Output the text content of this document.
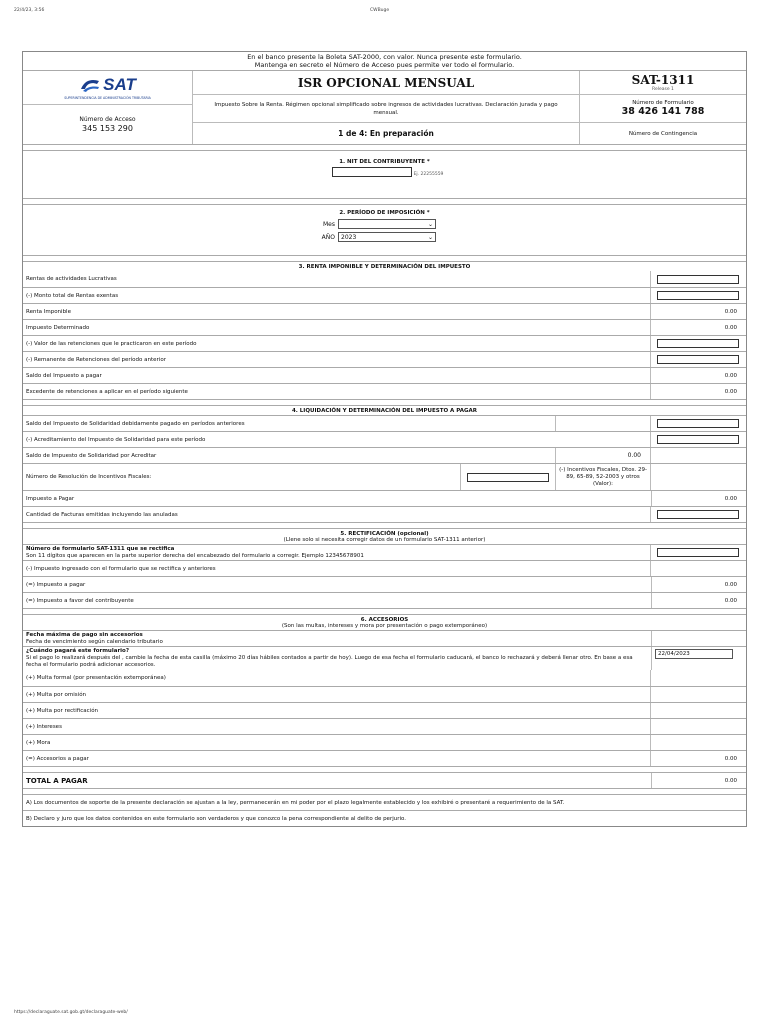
22/4/23, 3:56	CWBuge
En el banco presente la Boleta SAT-2000, con valor. Nunca presente este formulario.
Mantenga en secreto el Número de Acceso pues permite ver todo el formulario.
SAT
SUPERINTENDENCIA DE ADMINISTRACIÓN TRIBUTARIA
Número de Acceso
345 153 290
ISR OPCIONAL MENSUAL
Impuesto Sobre la Renta. Régimen opcional simplificado sobre ingresos de actividades lucrativas. Declaración jurada y pago mensual.
1 de 4: En preparación
SAT-1311
Release 1
Número de Formulario
38 426 141 788
Número de Contingencia
1. NIT DEL CONTRIBUYENTE *
Ej. 22255559
2. PERÍODO DE IMPOSICIÓN *
Mes	⌄
AÑO 2023	⌄
3. RENTA IMPONIBLE Y DETERMINACIÓN DEL IMPUESTO
Rentas de actividades Lucrativas
(-) Monto total de Rentas exentas
Renta Imponible	0.00
Impuesto Determinado	0.00
(-) Valor de las retenciones que le practicaron en este período
(-) Remanente de Retenciones del período anterior
Saldo del Impuesto a pagar	0.00
Excedente de retenciones a aplicar en el período siguiente	0.00
4. LIQUIDACIÓN Y DETERMINACIÓN DEL IMPUESTO A PAGAR
Saldo del Impuesto de Solidaridad debidamente pagado en períodos anteriores
(-) Acreditamiento del Impuesto de Solidaridad para este período
Saldo de Impuesto de Solidaridad por Acreditar	0.00
Número de Resolución de Incentivos Fiscales:
(-) Incentivos Fiscales, Dtos. 29-89, 65-89, 52-2003 y otros (Valor):
Impuesto a Pagar	0.00
Cantidad de Facturas emitidas incluyendo las anuladas
5. RECTIFICACIÓN (opcional)
(Llene solo si necesita corregir datos de un formulario SAT-1311 anterior)
Número de formulario SAT-1311 que se rectifica
Son 11 dígitos que aparecen en la parte superior derecha del encabezado del formulario a corregir. Ejemplo 12345678901
(-) Impuesto ingresado con el formulario que se rectifica y anteriores
(=) Impuesto a pagar	0.00
(=) Impuesto a favor del contribuyente	0.00
6. ACCESORIOS
(Son las multas, intereses y mora por presentación o pago extemporáneo)
Fecha máxima de pago sin accesorios
Fecha de vencimiento según calendario tributario
¿Cuándo pagará este formulario?
Si el pago lo realizará después del , cambie la fecha de esta casilla (máximo 20 días hábiles contados a partir de hoy). Luego de esa fecha el formulario caducará, el banco lo rechazará y deberá llenar otro. En base a esa fecha el formulario podrá adicionar accesorios.
22/04/2023
(+) Multa formal (por presentación extemporánea)
(+) Multa por omisión
(+) Multa por rectificación
(+) Intereses
(+) Mora
(=) Accesorios a pagar	0.00
TOTAL A PAGAR	0.00
A) Los documentos de soporte de la presente declaración se ajustan a la ley, permanecerán en mi poder por el plazo legalmente establecido y los exhibiré o presentaré a requerimiento de la SAT.
B) Declaro y juro que los datos contenidos en este formulario son verdaderos y que conozco la pena correspondiente al delito de perjurio.
https://declaraguate.sat.gob.gt/declaraguate-web/
